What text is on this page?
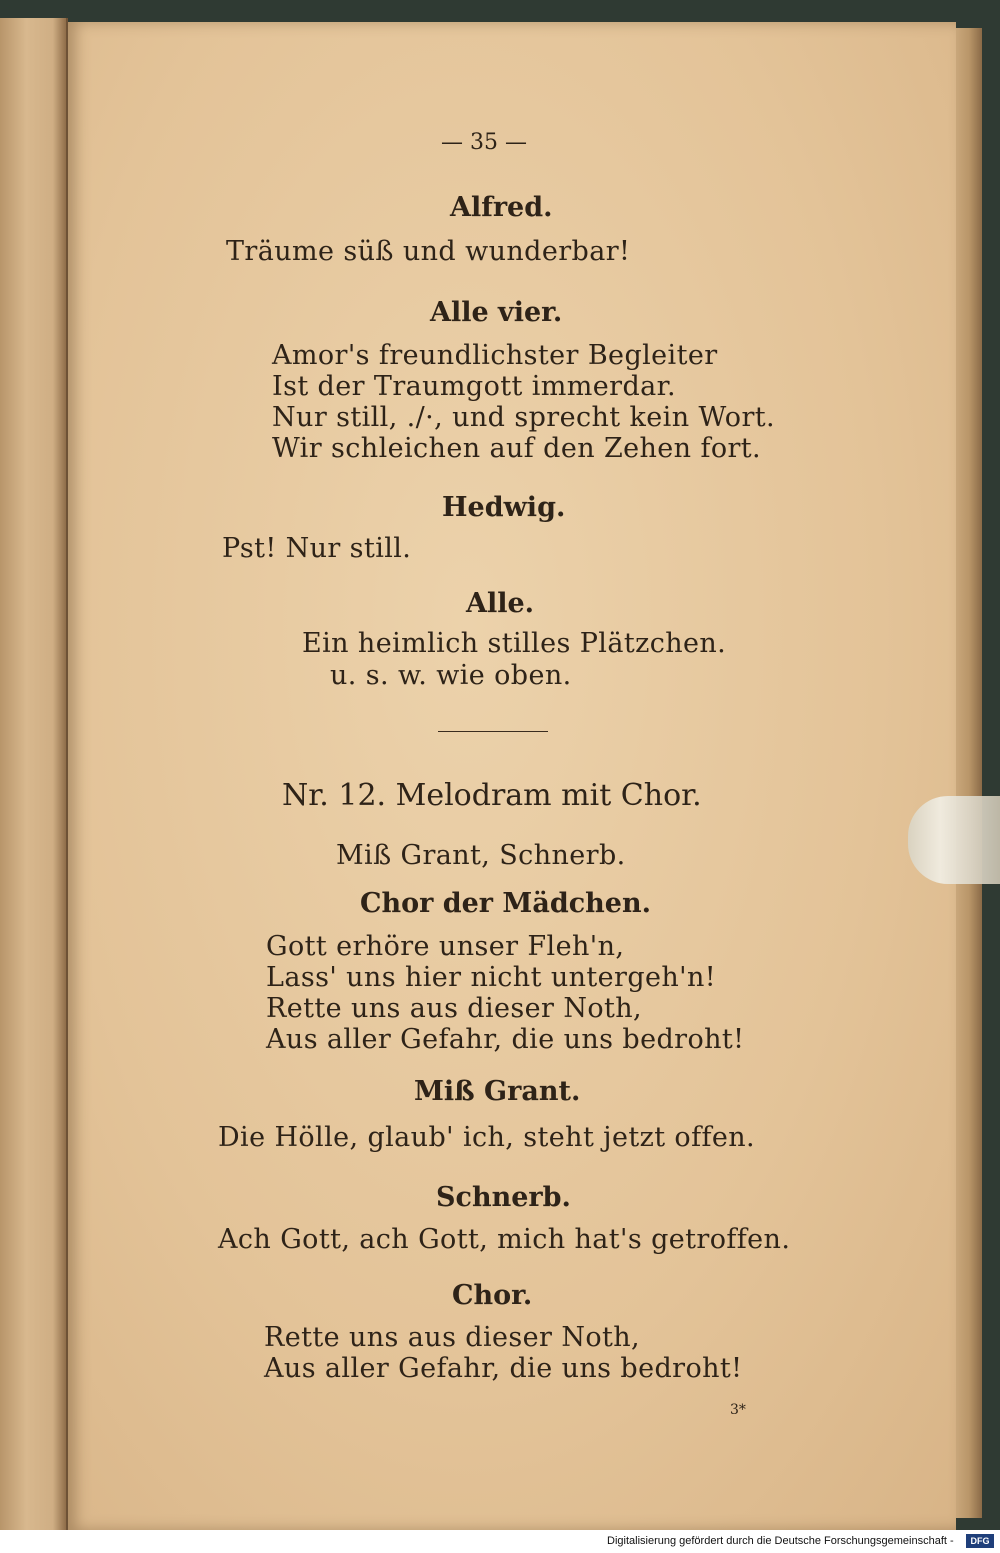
— 35 —
Alfred.
Träume süß und wunderbar!
Alle vier.
Amor's freundlichster Begleiter
Ist der Traumgott immerdar.
Nur still, ./·, und sprecht kein Wort.
Wir schleichen auf den Zehen fort.
Hedwig.
Pst! Nur still.
Alle.
Ein heimlich stilles Plätzchen.
u. s. w. wie oben.
Nr. 12. Melodram mit Chor.
Miß Grant, Schnerb.
Chor der Mädchen.
Gott erhöre unser Fleh'n,
Lass' uns hier nicht untergeh'n!
Rette uns aus dieser Noth,
Aus aller Gefahr, die uns bedroht!
Miß Grant.
Die Hölle, glaub' ich, steht jetzt offen.
Schnerb.
Ach Gott, ach Gott, mich hat's getroffen.
Chor.
Rette uns aus dieser Noth,
Aus aller Gefahr, die uns bedroht!
3*
Digitalisierung gefördert durch die Deutsche Forschungsgemeinschaft -	DFG
